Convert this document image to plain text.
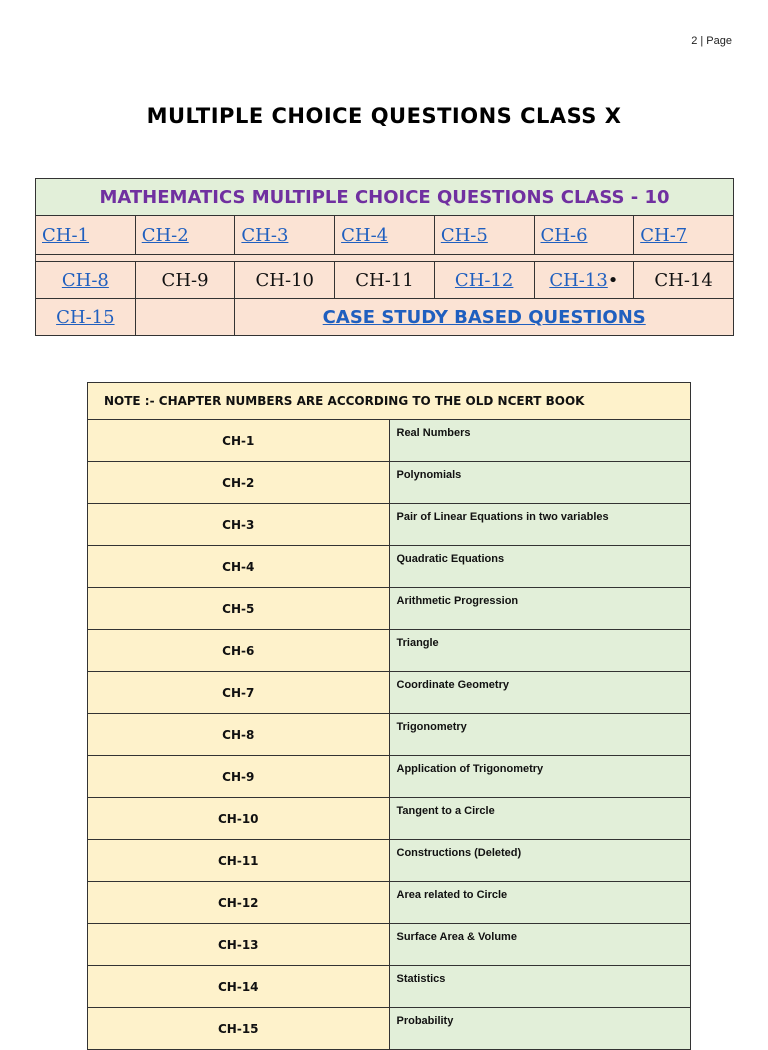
2 | Page
MULTIPLE CHOICE QUESTIONS CLASS X
MATHEMATICS MULTIPLE CHOICE QUESTIONS CLASS - 10						
CH-1	CH-2	CH-3	CH-4	CH-5	CH-6	CH-7

CH-8	CH-9	CH-10	CH-11	CH-12	CH-13•	CH-14
CH-15		CASE STUDY BASED QUESTIONS				
NOTE :- CHAPTER NUMBERS ARE ACCORDING TO THE OLD NCERT BOOK	
CH-1	Real Numbers
CH-2	Polynomials
CH-3	Pair of Linear Equations in two variables
CH-4	Quadratic Equations
CH-5	Arithmetic Progression
CH-6	Triangle
CH-7	Coordinate Geometry
CH-8	Trigonometry
CH-9	Application of Trigonometry
CH-10	Tangent to a Circle
CH-11	Constructions (Deleted)
CH-12	Area related to Circle
CH-13	Surface Area & Volume
CH-14	Statistics
CH-15	Probability
